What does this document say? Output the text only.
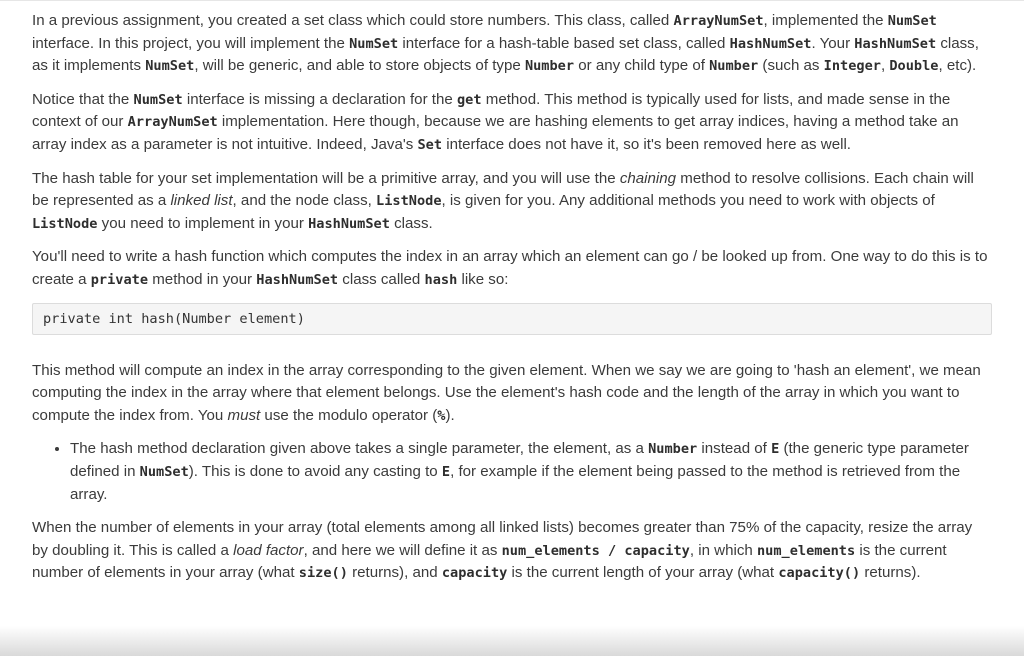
In a previous assignment, you created a set class which could store numbers. This class, called ArrayNumSet, implemented the NumSet interface. In this project, you will implement the NumSet interface for a hash-table based set class, called HashNumSet. Your HashNumSet class, as it implements NumSet, will be generic, and able to store objects of type Number or any child type of Number (such as Integer, Double, etc).

Notice that the NumSet interface is missing a declaration for the get method. This method is typically used for lists, and made sense in the context of our ArrayNumSet implementation. Here though, because we are hashing elements to get array indices, having a method take an array index as a parameter is not intuitive. Indeed, Java's Set interface does not have it, so it's been removed here as well.

The hash table for your set implementation will be a primitive array, and you will use the chaining method to resolve collisions. Each chain will be represented as a linked list, and the node class, ListNode, is given for you. Any additional methods you need to work with objects of ListNode you need to implement in your HashNumSet class.

You'll need to write a hash function which computes the index in an array which an element can go / be looked up from. One way to do this is to create a private method in your HashNumSet class called hash like so:

private int hash(Number element)

This method will compute an index in the array corresponding to the given element. When we say we are going to 'hash an element', we mean computing the index in the array where that element belongs. Use the element's hash code and the length of the array in which you want to compute the index from. You must use the modulo operator (%).

• The hash method declaration given above takes a single parameter, the element, as a Number instead of E (the generic type parameter defined in NumSet). This is done to avoid any casting to E, for example if the element being passed to the method is retrieved from the array.

When the number of elements in your array (total elements among all linked lists) becomes greater than 75% of the capacity, resize the array by doubling it. This is called a load factor, and here we will define it as num_elements / capacity, in which num_elements is the current number of elements in your array (what size() returns), and capacity is the current length of your array (what capacity() returns).
